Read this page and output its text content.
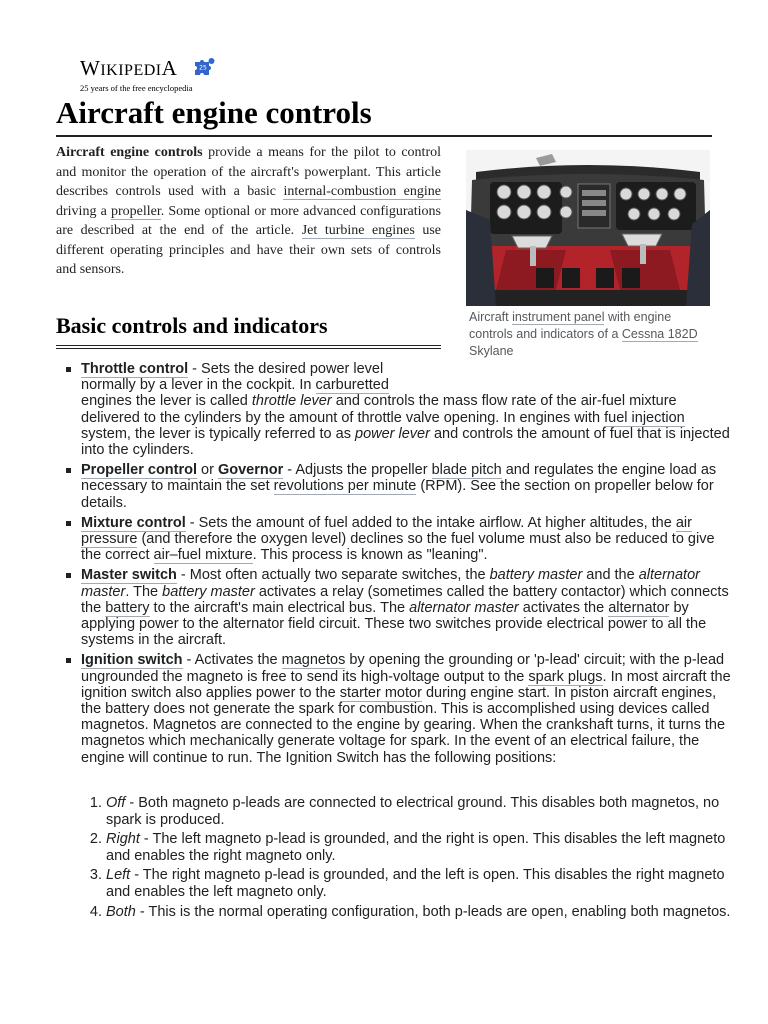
WIKIPEDIA
25 years of the free encyclopedia
25
Aircraft engine controls
Aircraft engine controls provide a means for the pilot to control and monitor the operation of the aircraft's powerplant. This article describes controls used with a basic internal-combustion engine driving a propeller. Some optional or more advanced configurations are described at the end of the article. Jet turbine engines use different operating principles and have their own sets of controls and sensors.
Aircraft instrument panel with engine controls and indicators of a Cessna 182D Skylane
Basic controls and indicators
Throttle control - Sets the desired power level normally by a lever in the cockpit. In carburetted
engines the lever is called throttle lever and controls the mass flow rate of the air-fuel mixture delivered to the cylinders by the amount of throttle valve opening. In engines with fuel injection system, the lever is typically referred to as power lever and controls the amount of fuel that is injected into the cylinders.
Propeller control or Governor - Adjusts the propeller blade pitch and regulates the engine load as necessary to maintain the set revolutions per minute (RPM). See the section on propeller below for details.
Mixture control - Sets the amount of fuel added to the intake airflow. At higher altitudes, the air pressure (and therefore the oxygen level) declines so the fuel volume must also be reduced to give the correct air–fuel mixture. This process is known as "leaning".
Master switch - Most often actually two separate switches, the battery master and the alternator master. The battery master activates a relay (sometimes called the battery contactor) which connects the battery to the aircraft's main electrical bus. The alternator master activates the alternator by applying power to the alternator field circuit. These two switches provide electrical power to all the systems in the aircraft.
Ignition switch - Activates the magnetos by opening the grounding or 'p-lead' circuit; with the p-lead ungrounded the magneto is free to send its high-voltage output to the spark plugs. In most aircraft the ignition switch also applies power to the starter motor during engine start. In piston aircraft engines, the battery does not generate the spark for combustion. This is accomplished using devices called magnetos. Magnetos are connected to the engine by gearing. When the crankshaft turns, it turns the magnetos which mechanically generate voltage for spark. In the event of an electrical failure, the engine will continue to run. The Ignition Switch has the following positions:
1. Off - Both magneto p-leads are connected to electrical ground. This disables both magnetos, no spark is produced.
2. Right - The left magneto p-lead is grounded, and the right is open. This disables the left magneto and enables the right magneto only.
3. Left - The right magneto p-lead is grounded, and the left is open. This disables the right magneto and enables the left magneto only.
4. Both - This is the normal operating configuration, both p-leads are open, enabling both magnetos.
